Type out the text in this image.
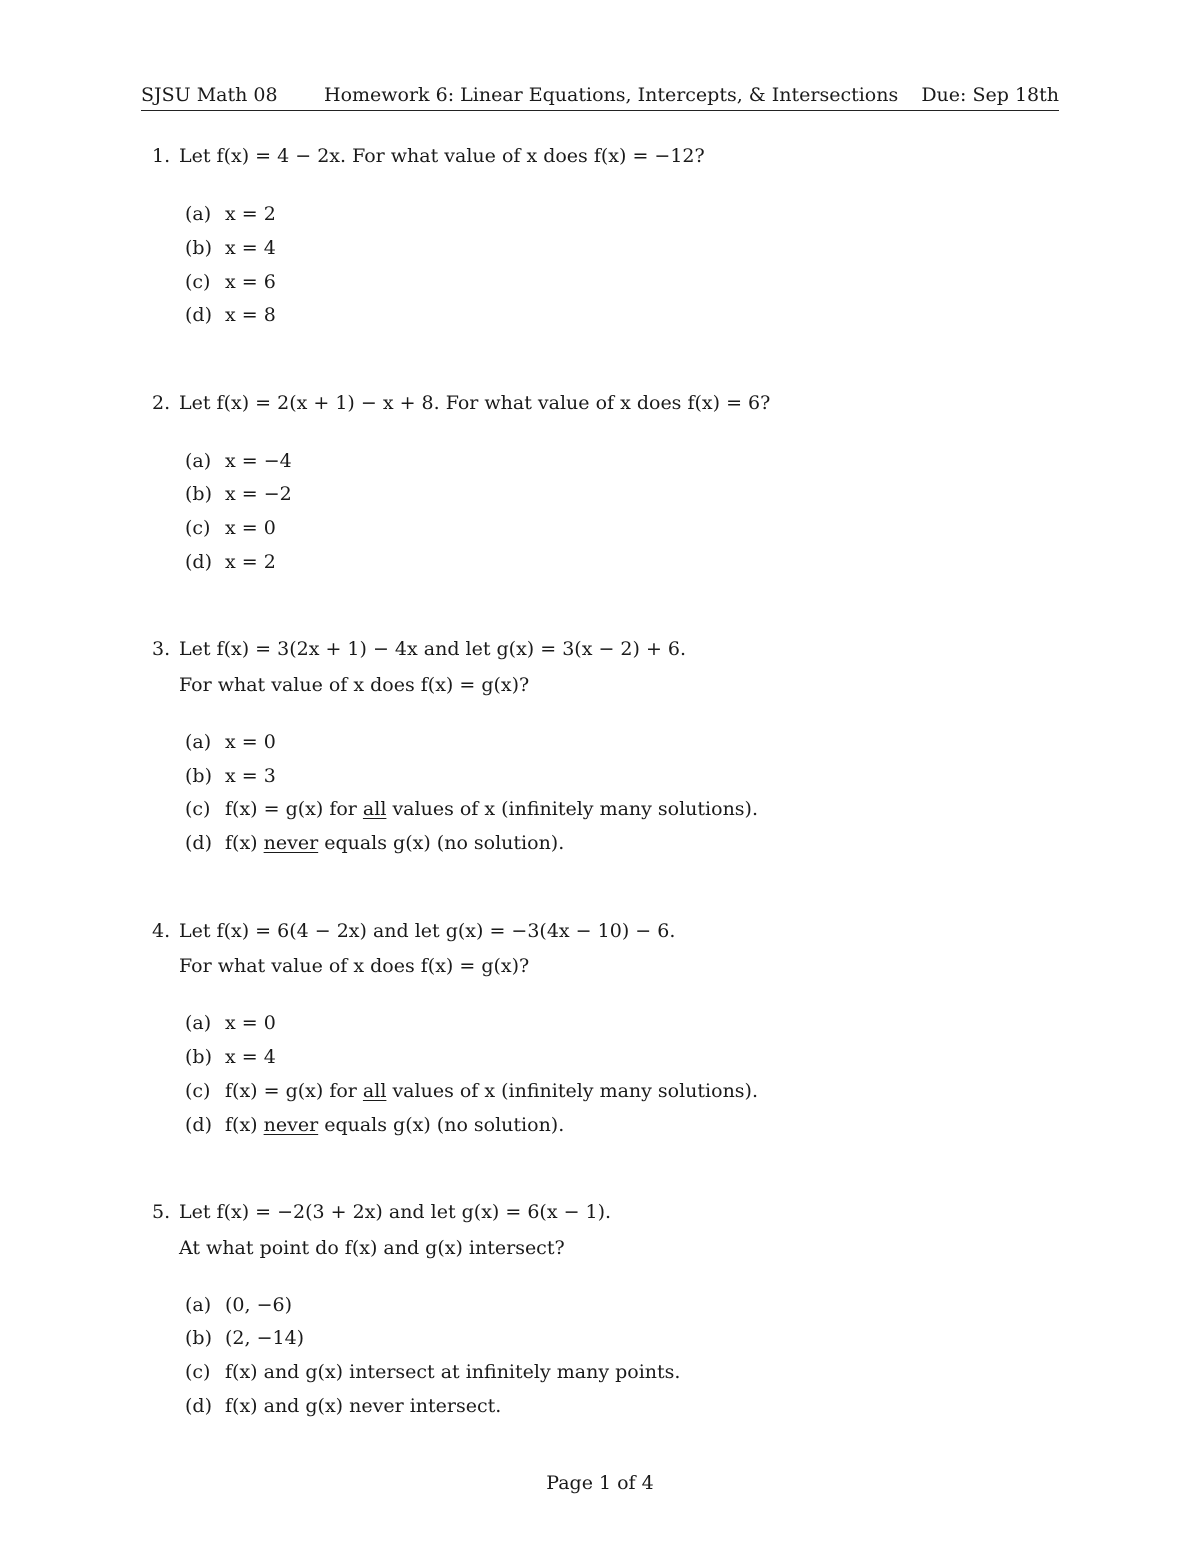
SJSU Math 08 Homework 6: Linear Equations, Intercepts, & Intersections Due: Sep 18th
1. Let f(x) = 4 − 2x. For what value of x does f(x) = −12?
(a) x = 2
(b) x = 4
(c) x = 6
(d) x = 8
2. Let f(x) = 2(x + 1) − x + 8. For what value of x does f(x) = 6?
(a) x = −4
(b) x = −2
(c) x = 0
(d) x = 2
3. Let f(x) = 3(2x + 1) − 4x and let g(x) = 3(x − 2) + 6.
For what value of x does f(x) = g(x)?
(a) x = 0
(b) x = 3
(c) f(x) = g(x) for all values of x (infinitely many solutions).
(d) f(x) never equals g(x) (no solution).
4. Let f(x) = 6(4 − 2x) and let g(x) = −3(4x − 10) − 6.
For what value of x does f(x) = g(x)?
(a) x = 0
(b) x = 4
(c) f(x) = g(x) for all values of x (infinitely many solutions).
(d) f(x) never equals g(x) (no solution).
5. Let f(x) = −2(3 + 2x) and let g(x) = 6(x − 1).
At what point do f(x) and g(x) intersect?
(a) (0, −6)
(b) (2, −14)
(c) f(x) and g(x) intersect at infinitely many points.
(d) f(x) and g(x) never intersect.
Page 1 of 4
